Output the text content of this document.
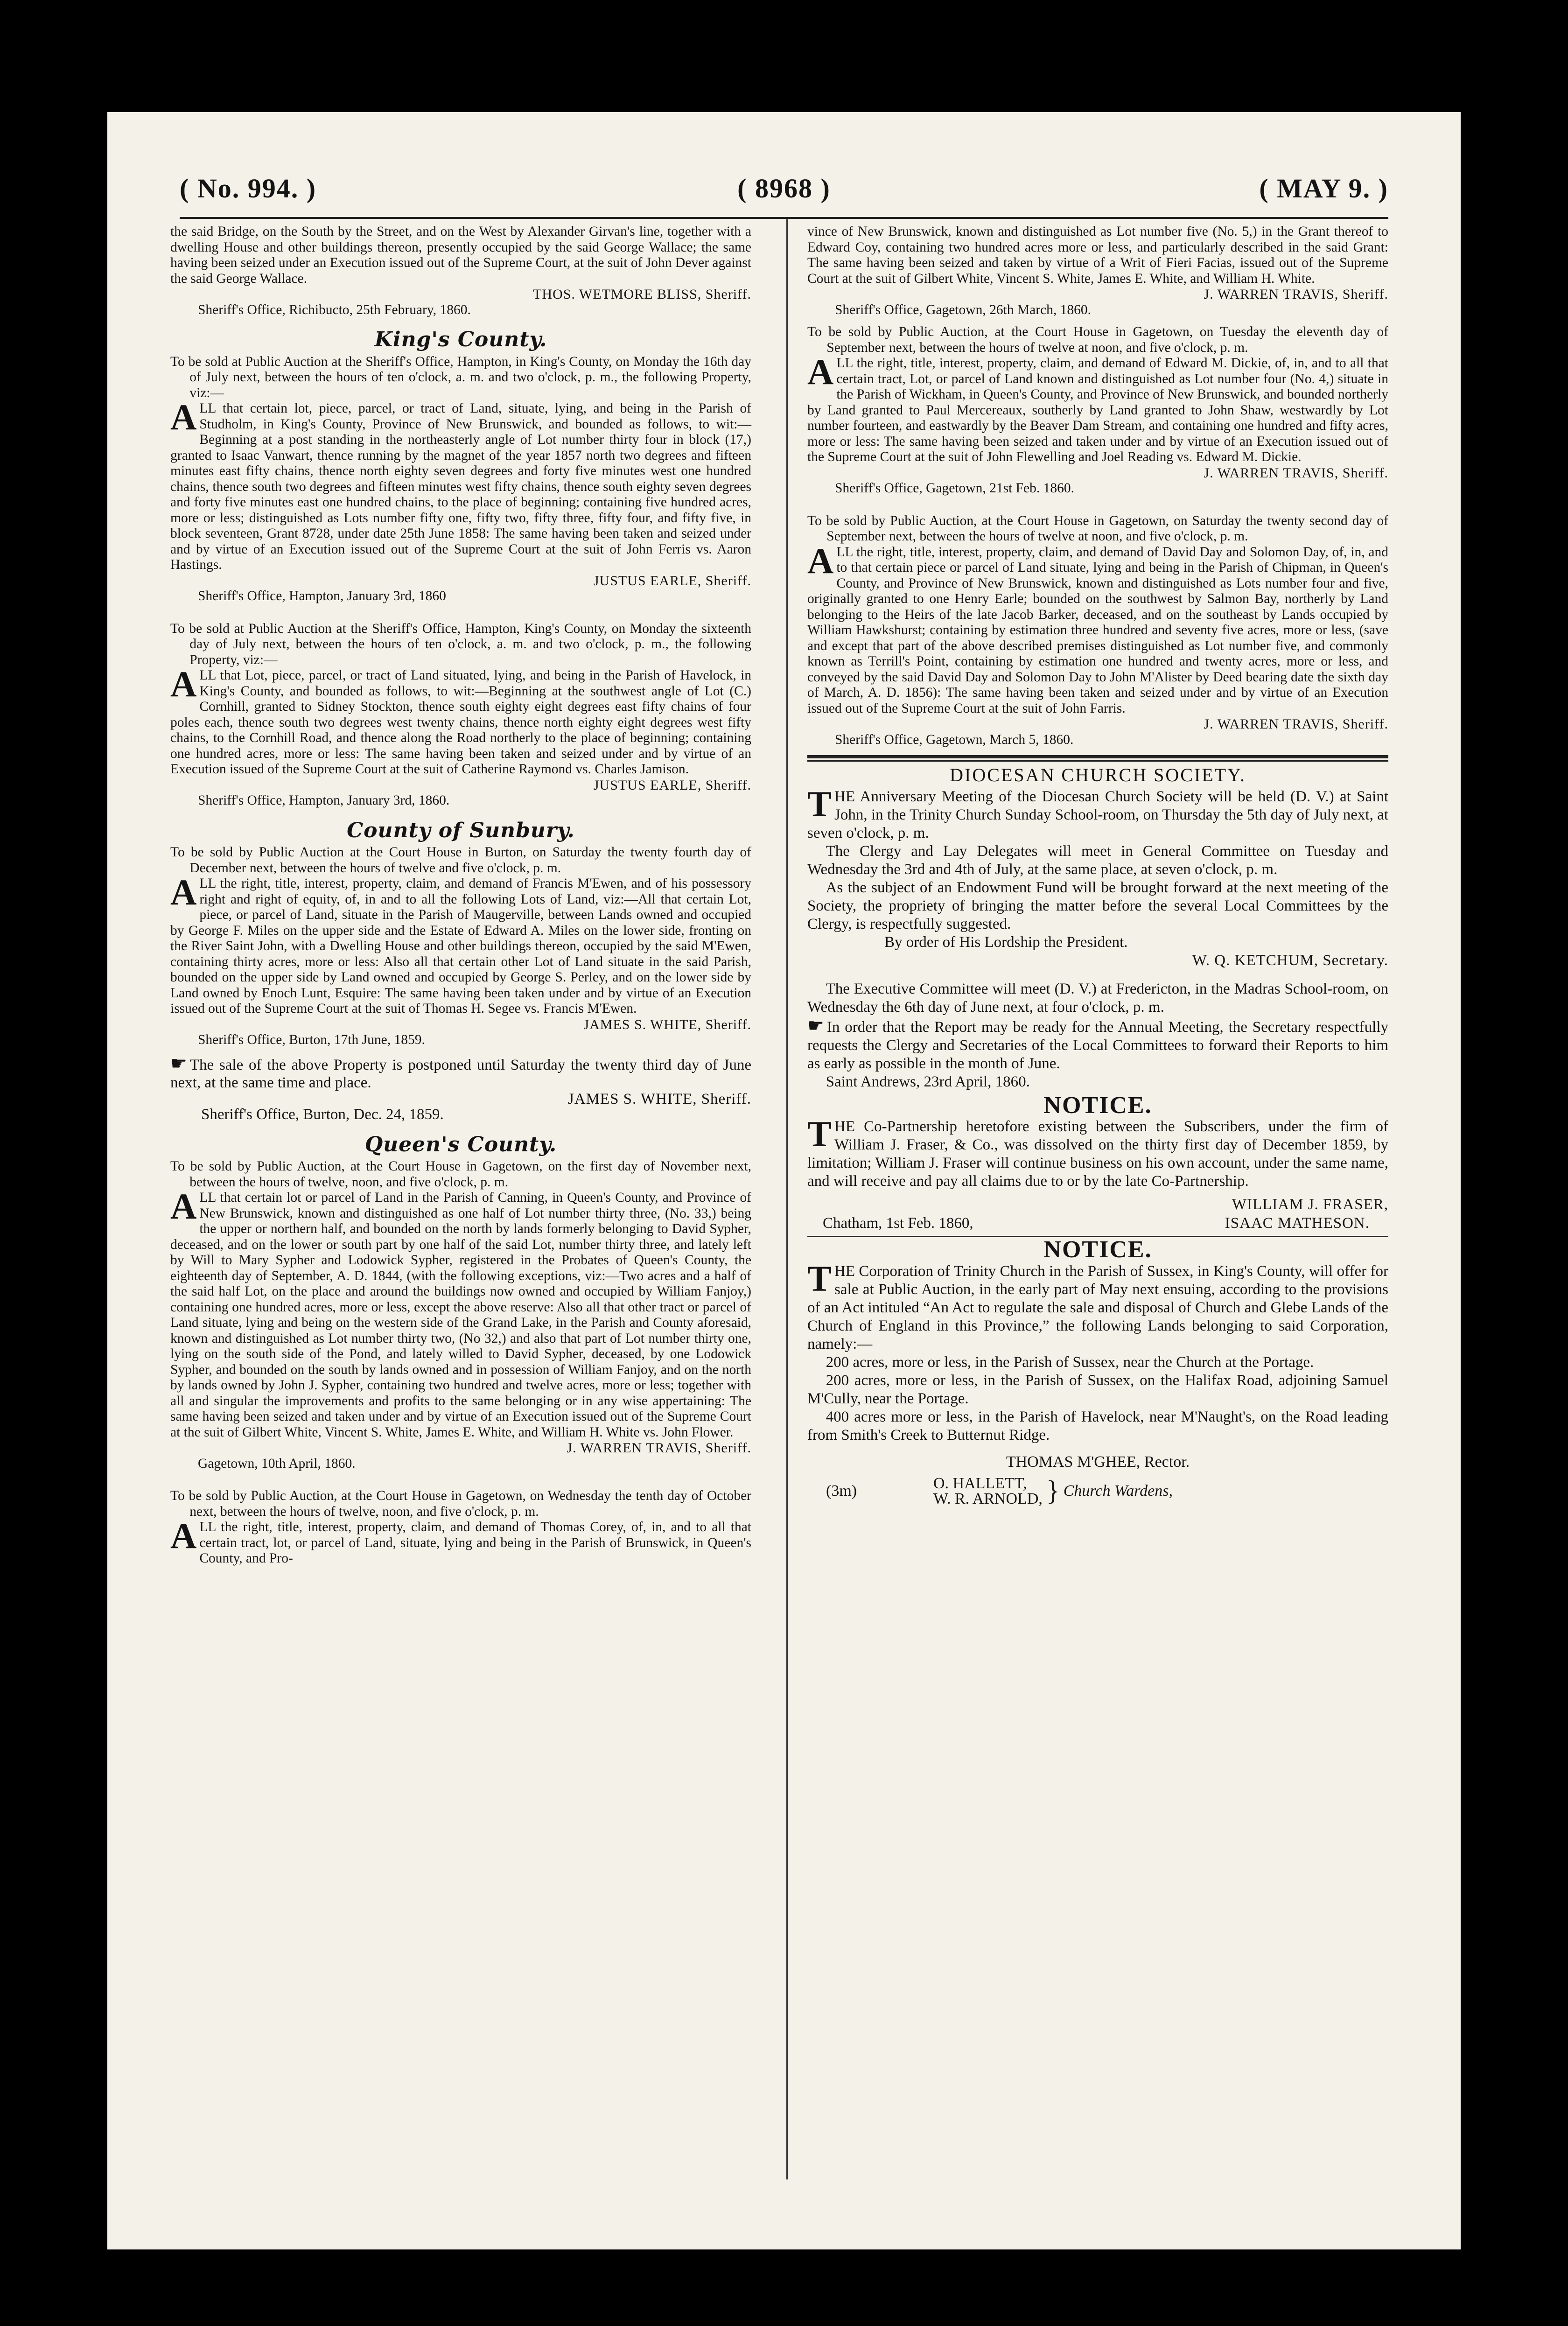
( No. 994. )	( 8968 )	( MAY 9. )

the said Bridge, on the South by the Street, and on the West by Alexander Girvan's line, together with a dwelling House and other buildings thereon, presently occupied by the said George Wallace; the same having been seized under an Execution issued out of the Supreme Court, at the suit of John Dever against the said George Wallace.

THOS. WETMORE BLISS, Sheriff.

Sheriff's Office, Richibucto, 25th February, 1860.

King's County.

To be sold at Public Auction at the Sheriff's Office, Hampton, in King's County, on Monday the 16th day of July next, between the hours of ten o'clock, a. m. and two o'clock, p. m., the following Property, viz:—

ALL that certain lot, piece, parcel, or tract of Land, situate, lying, and being in the Parish of Studholm, in King's County, Province of New Brunswick, and bounded as follows, to wit:—Beginning at a post standing in the northeasterly angle of Lot number thirty four in block (17,) granted to Isaac Vanwart, thence running by the magnet of the year 1857 north two degrees and fifteen minutes east fifty chains, thence north eighty seven degrees and forty five minutes west one hundred chains, thence south two degrees and fifteen minutes west fifty chains, thence south eighty seven degrees and forty five minutes east one hundred chains, to the place of beginning; containing five hundred acres, more or less; distinguished as Lots number fifty one, fifty two, fifty three, fifty four, and fifty five, in block seventeen, Grant 8728, under date 25th June 1858: The same having been taken and seized under and by virtue of an Execution issued out of the Supreme Court at the suit of John Ferris vs. Aaron Hastings.

JUSTUS EARLE, Sheriff.

Sheriff's Office, Hampton, January 3rd, 1860

To be sold at Public Auction at the Sheriff's Office, Hampton, King's County, on Monday the sixteenth day of July next, between the hours of ten o'clock, a. m. and two o'clock, p. m., the following Property, viz:—

ALL that Lot, piece, parcel, or tract of Land situated, lying, and being in the Parish of Havelock, in King's County, and bounded as follows, to wit:—Beginning at the southwest angle of Lot (C.) Cornhill, granted to Sidney Stockton, thence south eighty eight degrees east fifty chains of four poles each, thence south two degrees west twenty chains, thence north eighty eight degrees west fifty chains, to the Cornhill Road, and thence along the Road northerly to the place of beginning; containing one hundred acres, more or less: The same having been taken and seized under and by virtue of an Execution issued of the Supreme Court at the suit of Catherine Raymond vs. Charles Jamison.

JUSTUS EARLE, Sheriff.

Sheriff's Office, Hampton, January 3rd, 1860.

County of Sunbury.

To be sold by Public Auction at the Court House in Burton, on Saturday the twenty fourth day of December next, between the hours of twelve and five o'clock, p. m.

ALL the right, title, interest, property, claim, and demand of Francis M'Ewen, and of his possessory right and right of equity, of, in and to all the following Lots of Land, viz:—All that certain Lot, piece, or parcel of Land, situate in the Parish of Maugerville, between Lands owned and occupied by George F. Miles on the upper side and the Estate of Edward A. Miles on the lower side, fronting on the River Saint John, with a Dwelling House and other buildings thereon, occupied by the said M'Ewen, containing thirty acres, more or less: Also all that certain other Lot of Land situate in the said Parish, bounded on the upper side by Land owned and occupied by George S. Perley, and on the lower side by Land owned by Enoch Lunt, Esquire: The same having been taken under and by virtue of an Execution issued out of the Supreme Court at the suit of Thomas H. Segee vs. Francis M'Ewen.

JAMES S. WHITE, Sheriff.

Sheriff's Office, Burton, 17th June, 1859.

☛ The sale of the above Property is postponed until Saturday the twenty third day of June next, at the same time and place.

JAMES S. WHITE, Sheriff.

Sheriff's Office, Burton, Dec. 24, 1859.

Queen's County.

To be sold by Public Auction, at the Court House in Gagetown, on the first day of November next, between the hours of twelve, noon, and five o'clock, p. m.

ALL that certain lot or parcel of Land in the Parish of Canning, in Queen's County, and Province of New Brunswick, known and distinguished as one half of Lot number thirty three, (No. 33,) being the upper or northern half, and bounded on the north by lands formerly belonging to David Sypher, deceased, and on the lower or south part by one half of the said Lot, number thirty three, and lately left by Will to Mary Sypher and Lodowick Sypher, registered in the Probates of Queen's County, the eighteenth day of September, A. D. 1844, (with the following exceptions, viz:—Two acres and a half of the said half Lot, on the place and around the buildings now owned and occupied by William Fanjoy,) containing one hundred acres, more or less, except the above reserve: Also all that other tract or parcel of Land situate, lying and being on the western side of the Grand Lake, in the Parish and County aforesaid, known and distinguished as Lot number thirty two, (No 32,) and also that part of Lot number thirty one, lying on the south side of the Pond, and lately willed to David Sypher, deceased, by one Lodowick Sypher, and bounded on the south by lands owned and in possession of William Fanjoy, and on the north by lands owned by John J. Sypher, containing two hundred and twelve acres, more or less; together with all and singular the improvements and profits to the same belonging or in any wise appertaining: The same having been seized and taken under and by virtue of an Execution issued out of the Supreme Court at the suit of Gilbert White, Vincent S. White, James E. White, and William H. White vs. John Flower.

J. WARREN TRAVIS, Sheriff.

Gagetown, 10th April, 1860.

To be sold by Public Auction, at the Court House in Gagetown, on Wednesday the tenth day of October next, between the hours of twelve, noon, and five o'clock, p. m.

ALL the right, title, interest, property, claim, and demand of Thomas Corey, of, in, and to all that certain tract, lot, or parcel of Land, situate, lying and being in the Parish of Brunswick, in Queen's County, and Pro-

vince of New Brunswick, known and distinguished as Lot number five (No. 5,) in the Grant thereof to Edward Coy, containing two hundred acres more or less, and particularly described in the said Grant: The same having been seized and taken by virtue of a Writ of Fieri Facias, issued out of the Supreme Court at the suit of Gilbert White, Vincent S. White, James E. White, and William H. White.

J. WARREN TRAVIS, Sheriff.

Sheriff's Office, Gagetown, 26th March, 1860.

To be sold by Public Auction, at the Court House in Gagetown, on Tuesday the eleventh day of September next, between the hours of twelve at noon, and five o'clock, p. m.

ALL the right, title, interest, property, claim, and demand of Edward M. Dickie, of, in, and to all that certain tract, Lot, or parcel of Land known and distinguished as Lot number four (No. 4,) situate in the Parish of Wickham, in Queen's County, and Province of New Brunswick, and bounded northerly by Land granted to Paul Mercereaux, southerly by Land granted to John Shaw, westwardly by Lot number fourteen, and eastwardly by the Beaver Dam Stream, and containing one hundred and fifty acres, more or less: The same having been seized and taken under and by virtue of an Execution issued out of the Supreme Court at the suit of John Flewelling and Joel Reading vs. Edward M. Dickie.

J. WARREN TRAVIS, Sheriff.

Sheriff's Office, Gagetown, 21st Feb. 1860.

To be sold by Public Auction, at the Court House in Gagetown, on Saturday the twenty second day of September next, between the hours of twelve at noon, and five o'clock, p. m.

ALL the right, title, interest, property, claim, and demand of David Day and Solomon Day, of, in, and to that certain piece or parcel of Land situate, lying and being in the Parish of Chipman, in Queen's County, and Province of New Brunswick, known and distinguished as Lots number four and five, originally granted to one Henry Earle; bounded on the southwest by Salmon Bay, northerly by Land belonging to the Heirs of the late Jacob Barker, deceased, and on the southeast by Lands occupied by William Hawkshurst; containing by estimation three hundred and seventy five acres, more or less, (save and except that part of the above described premises distinguished as Lot number five, and commonly known as Terrill's Point, containing by estimation one hundred and twenty acres, more or less, and conveyed by the said David Day and Solomon Day to John M'Alister by Deed bearing date the sixth day of March, A. D. 1856): The same having been taken and seized under and by virtue of an Execution issued out of the Supreme Court at the suit of John Farris.

J. WARREN TRAVIS, Sheriff.

Sheriff's Office, Gagetown, March 5, 1860.

DIOCESAN CHURCH SOCIETY.

THE Anniversary Meeting of the Diocesan Church Society will be held (D. V.) at Saint John, in the Trinity Church Sunday School-room, on Thursday the 5th day of July next, at seven o'clock, p. m.

The Clergy and Lay Delegates will meet in General Committee on Tuesday and Wednesday the 3rd and 4th of July, at the same place, at seven o'clock, p. m.

As the subject of an Endowment Fund will be brought forward at the next meeting of the Society, the propriety of bringing the matter before the several Local Committees by the Clergy, is respectfully suggested.

By order of His Lordship the President.

W. Q. KETCHUM, Secretary.

The Executive Committee will meet (D. V.) at Fredericton, in the Madras School-room, on Wednesday the 6th day of June next, at four o'clock, p. m.

☛ In order that the Report may be ready for the Annual Meeting, the Secretary respectfully requests the Clergy and Secretaries of the Local Committees to forward their Reports to him as early as possible in the month of June.

Saint Andrews, 23rd April, 1860.

NOTICE.

THE Co-Partnership heretofore existing between the Subscribers, under the firm of William J. Fraser, & Co., was dissolved on the thirty first day of December 1859, by limitation; William J. Fraser will continue business on his own account, under the same name, and will receive and pay all claims due to or by the late Co-Partnership.

WILLIAM J. FRASER,
Chatham, 1st Feb. 1860,	ISAAC MATHESON.
NOTICE.

THE Corporation of Trinity Church in the Parish of Sussex, in King's County, will offer for sale at Public Auction, in the early part of May next ensuing, according to the provisions of an Act intituled “An Act to regulate the sale and disposal of Church and Glebe Lands of the Church of England in this Province,” the following Lands belonging to said Corporation, namely:—

200 acres, more or less, in the Parish of Sussex, near the Church at the Portage.

200 acres, more or less, in the Parish of Sussex, on the Halifax Road, adjoining Samuel M'Cully, near the Portage.

400 acres more or less, in the Parish of Havelock, near M'Naught's, on the Road leading from Smith's Creek to Butternut Ridge.

THOMAS M'GHEE, Rector.

(3m)	O. HALLETT,
W. R. ARNOLD, } Church Wardens,
